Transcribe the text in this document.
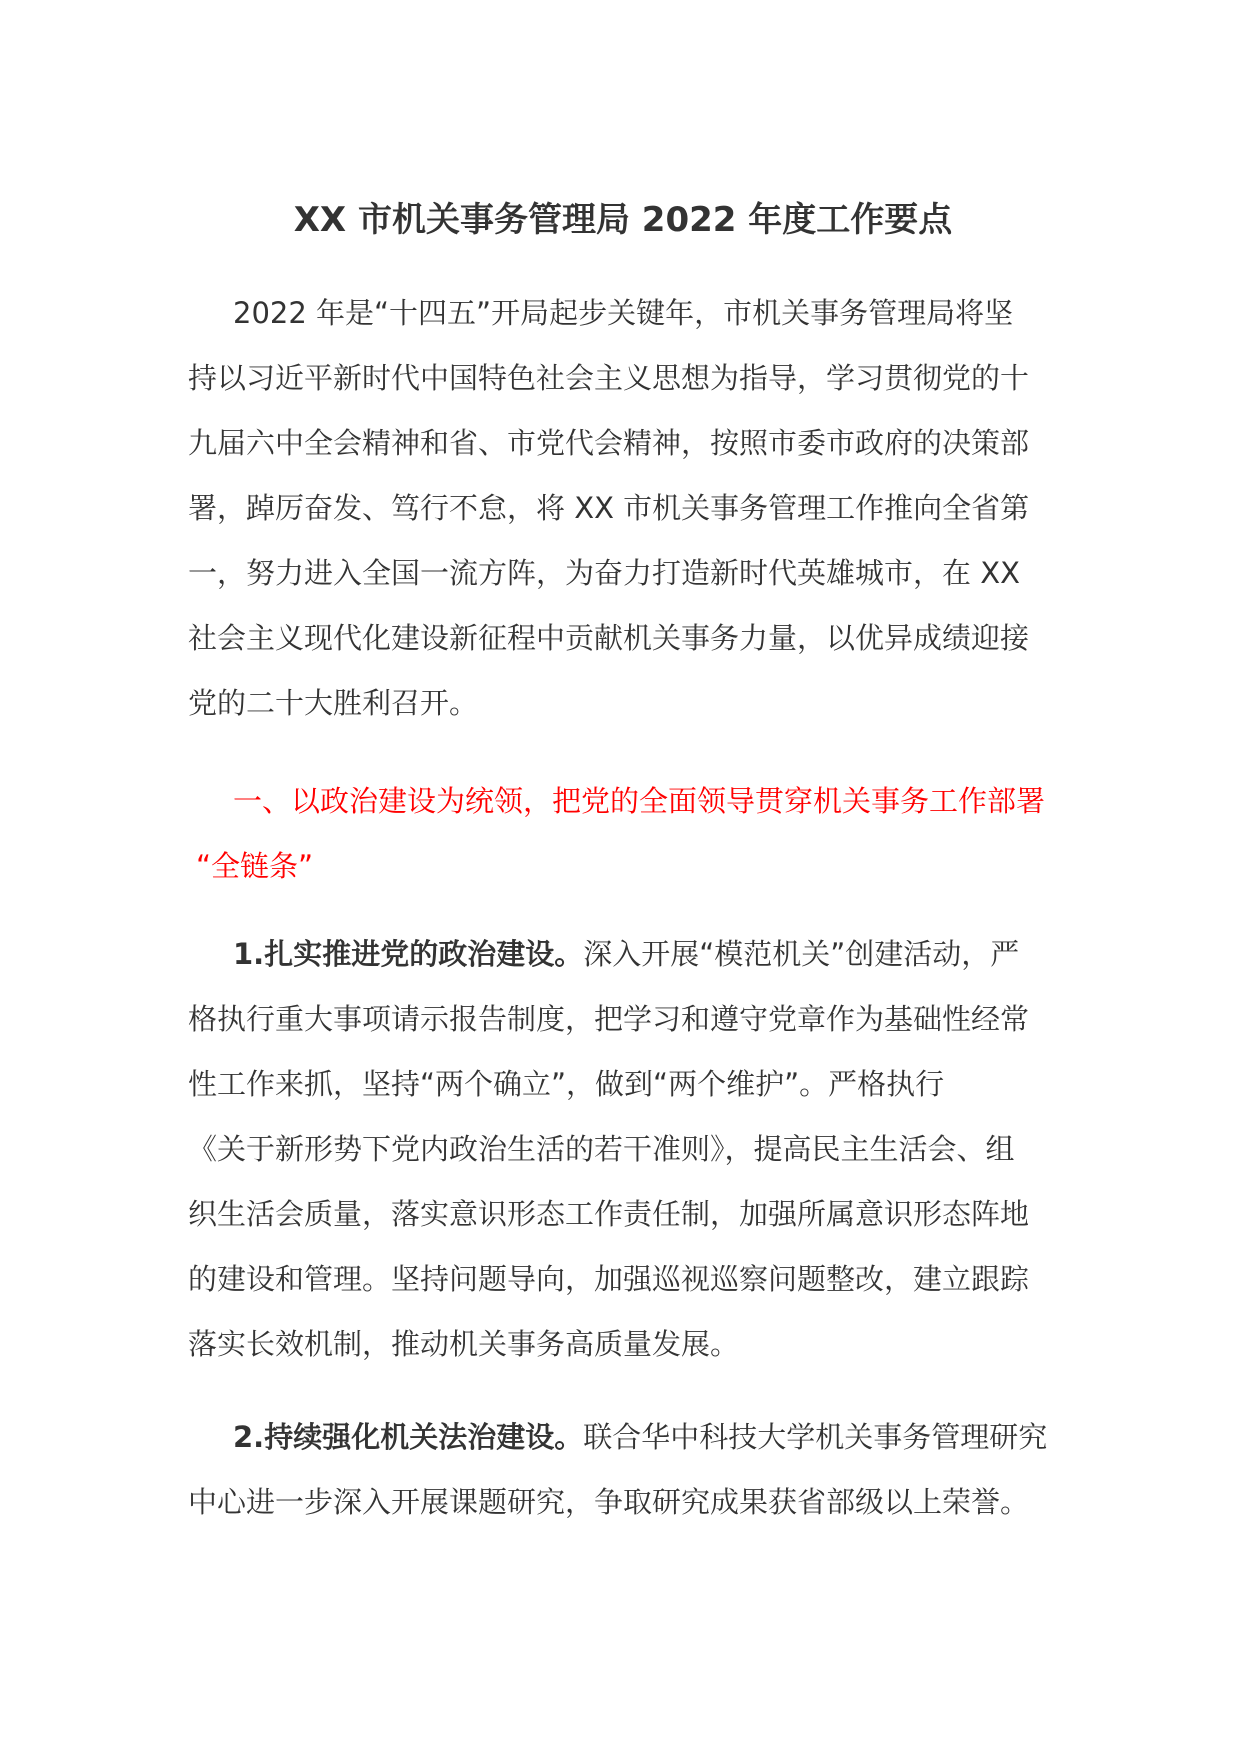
XX 市机关事务管理局 2022 年度工作要点
2022 年是“十四五”开局起步关键年，市机关事务管理局将坚
持以习近平新时代中国特色社会主义思想为指导，学习贯彻党的十
九届六中全会精神和省、市党代会精神，按照市委市政府的决策部
署，踔厉奋发、笃行不怠，将 XX 市机关事务管理工作推向全省第
一，努力进入全国一流方阵，为奋力打造新时代英雄城市，在 XX
社会主义现代化建设新征程中贡献机关事务力量，以优异成绩迎接
党的二十大胜利召开。
一、以政治建设为统领，把党的全面领导贯穿机关事务工作部署
“全链条”
1.扎实推进党的政治建设。深入开展“模范机关”创建活动，严
格执行重大事项请示报告制度，把学习和遵守党章作为基础性经常
性工作来抓，坚持“两个确立”，做到“两个维护”。严格执行
《关于新形势下党内政治生活的若干准则》，提高民主生活会、组
织生活会质量，落实意识形态工作责任制，加强所属意识形态阵地
的建设和管理。坚持问题导向，加强巡视巡察问题整改，建立跟踪
落实长效机制，推动机关事务高质量发展。
2.持续强化机关法治建设。联合华中科技大学机关事务管理研究
中心进一步深入开展课题研究，争取研究成果获省部级以上荣誉。
